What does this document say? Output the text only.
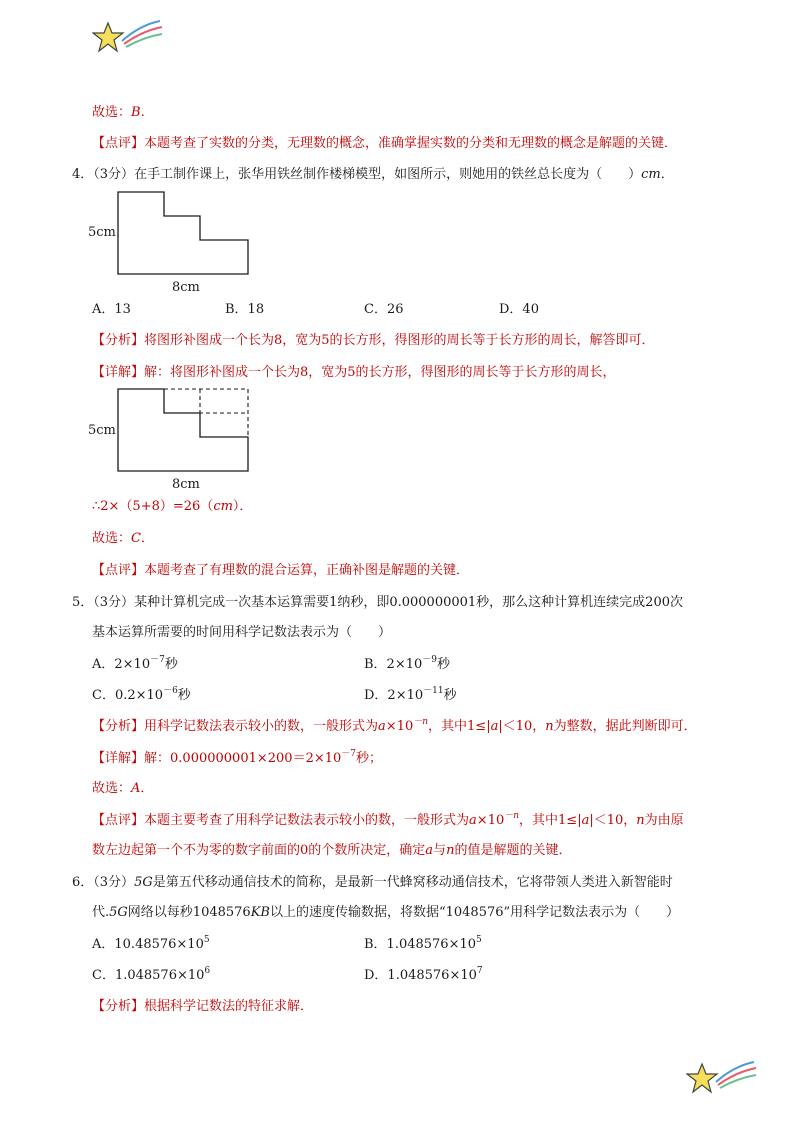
故选：B.
【点评】本题考查了实数的分类，无理数的概念，准确掌握实数的分类和无理数的概念是解题的关键．
4．（3分）在手工制作课上，张华用铁丝制作楼梯模型，如图所示，则她用的铁丝总长度为（　　）cm．
5cm
8cm
A．13	B．18	C．26	D．40
【分析】将图形补图成一个长为8，宽为5的长方形，得图形的周长等于长方形的周长，解答即可．
【详解】解：将图形补图成一个长为8，宽为5的长方形，得图形的周长等于长方形的周长，
5cm
8cm
∴2×（5+8）=26（cm）．
故选：C．
【点评】本题考查了有理数的混合运算，正确补图是解题的关键．
5．（3分）某种计算机完成一次基本运算需要1纳秒，即0.000000001秒，那么这种计算机连续完成200次
基本运算所需要的时间用科学记数法表示为（　　）
A．$2\times 10^{-7}$秒	B．$2\times 10^{-9}$秒
C．$0.2\times 10^{-6}$秒	D．$2\times 10^{-11}$秒
【分析】用科学记数法表示较小的数，一般形式为$a\times 10^{-n}$，其中1≤|a|＜10，n为整数，据此判断即可．
【详解】解：$0.000000001\times 200=2\times 10^{-7}$秒；
故选：A．
【点评】本题主要考查了用科学记数法表示较小的数，一般形式为$a\times 10^{-n}$，其中1≤|a|＜10，n为由原
数左边起第一个不为零的数字前面的0的个数所决定，确定a与n的值是解题的关键．
6．（3分）5G是第五代移动通信技术的简称，是最新一代蜂窝移动通信技术，它将带领人类进入新智能时
代.5G网络以每秒1048576KB以上的速度传输数据，将数据“1048576”用科学记数法表示为（　　）
A．$10.48576\times 10^5$	B．$1.048576\times 10^5$
C．$1.048576\times 10^6$	D．$1.048576\times 10^7$
【分析】根据科学记数法的特征求解．
